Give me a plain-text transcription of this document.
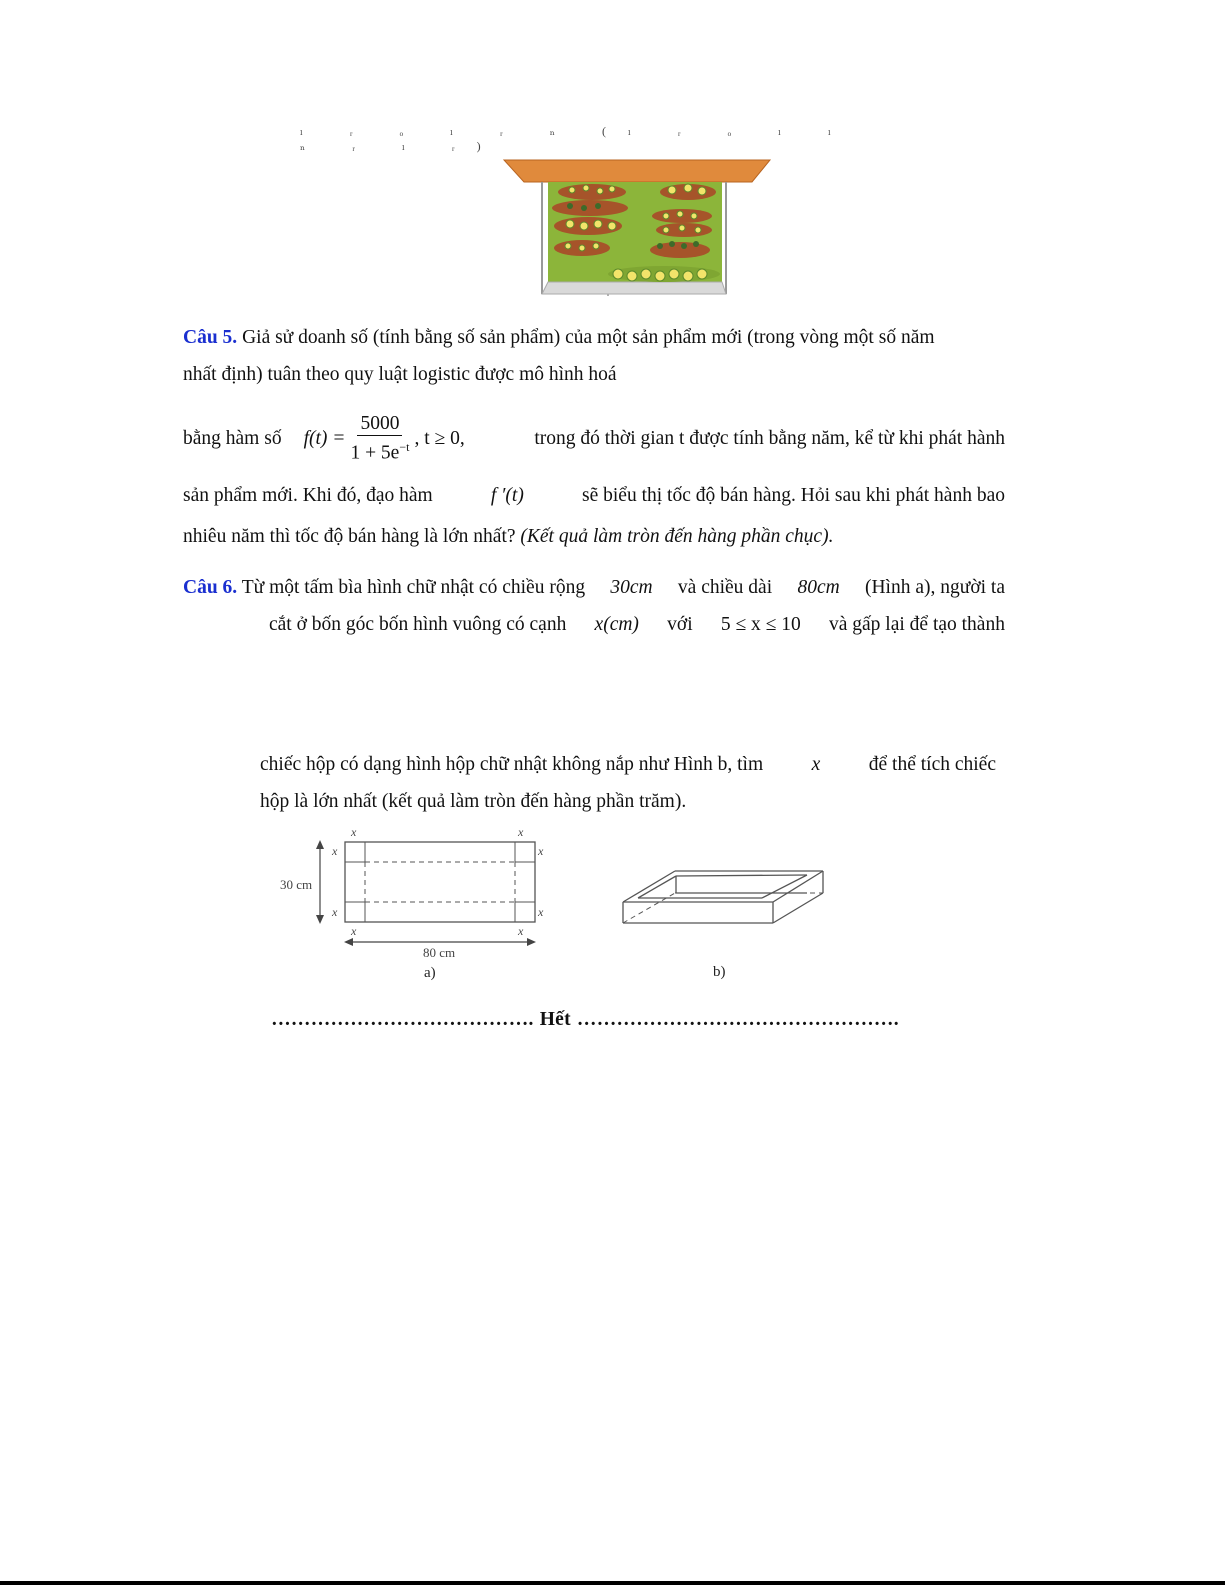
ₗ ᵣ ₒ ₗ ᵣ ₙ (ₗ ᵣ ₒ ₗ ₗ ₙ ᵣ ₗ ᵣ)
Câu 5. Giả sử doanh số (tính bằng số sản phẩm) của một sản phẩm mới (trong vòng một số năm
nhất định) tuân theo quy luật logistic được mô hình hoá
bằng hàm số $f(t) = \frac{5000}{1 + 5e^{-t}}$ , t ≥ 0,	trong đó thời gian t được tính bằng năm, kể từ khi phát hành
sản phẩm mới. Khi đó, đạo hàm	f ′(t)	sẽ biểu thị tốc độ bán hàng. Hỏi sau khi phát hành bao
nhiêu năm thì tốc độ bán hàng là lớn nhất? (Kết quả làm tròn đến hàng phần chục).
Câu 6. Từ một tấm bìa hình chữ nhật có chiều rộng 30cm và chiều dài 80cm (Hình a), người ta
cắt ở bốn góc bốn hình vuông có cạnh x(cm) với 5 ≤ x ≤ 10 và gấp lại để tạo thành
chiếc hộp có dạng hình hộp chữ nhật không nắp như Hình b, tìm x để thể tích chiếc
hộp là lớn nhất (kết quả làm tròn đến hàng phần trăm).
x	x
x	x
x	x
x	x
30 cm
80 cm
a)	b)
…………………………………. Hết ………………………………………….
